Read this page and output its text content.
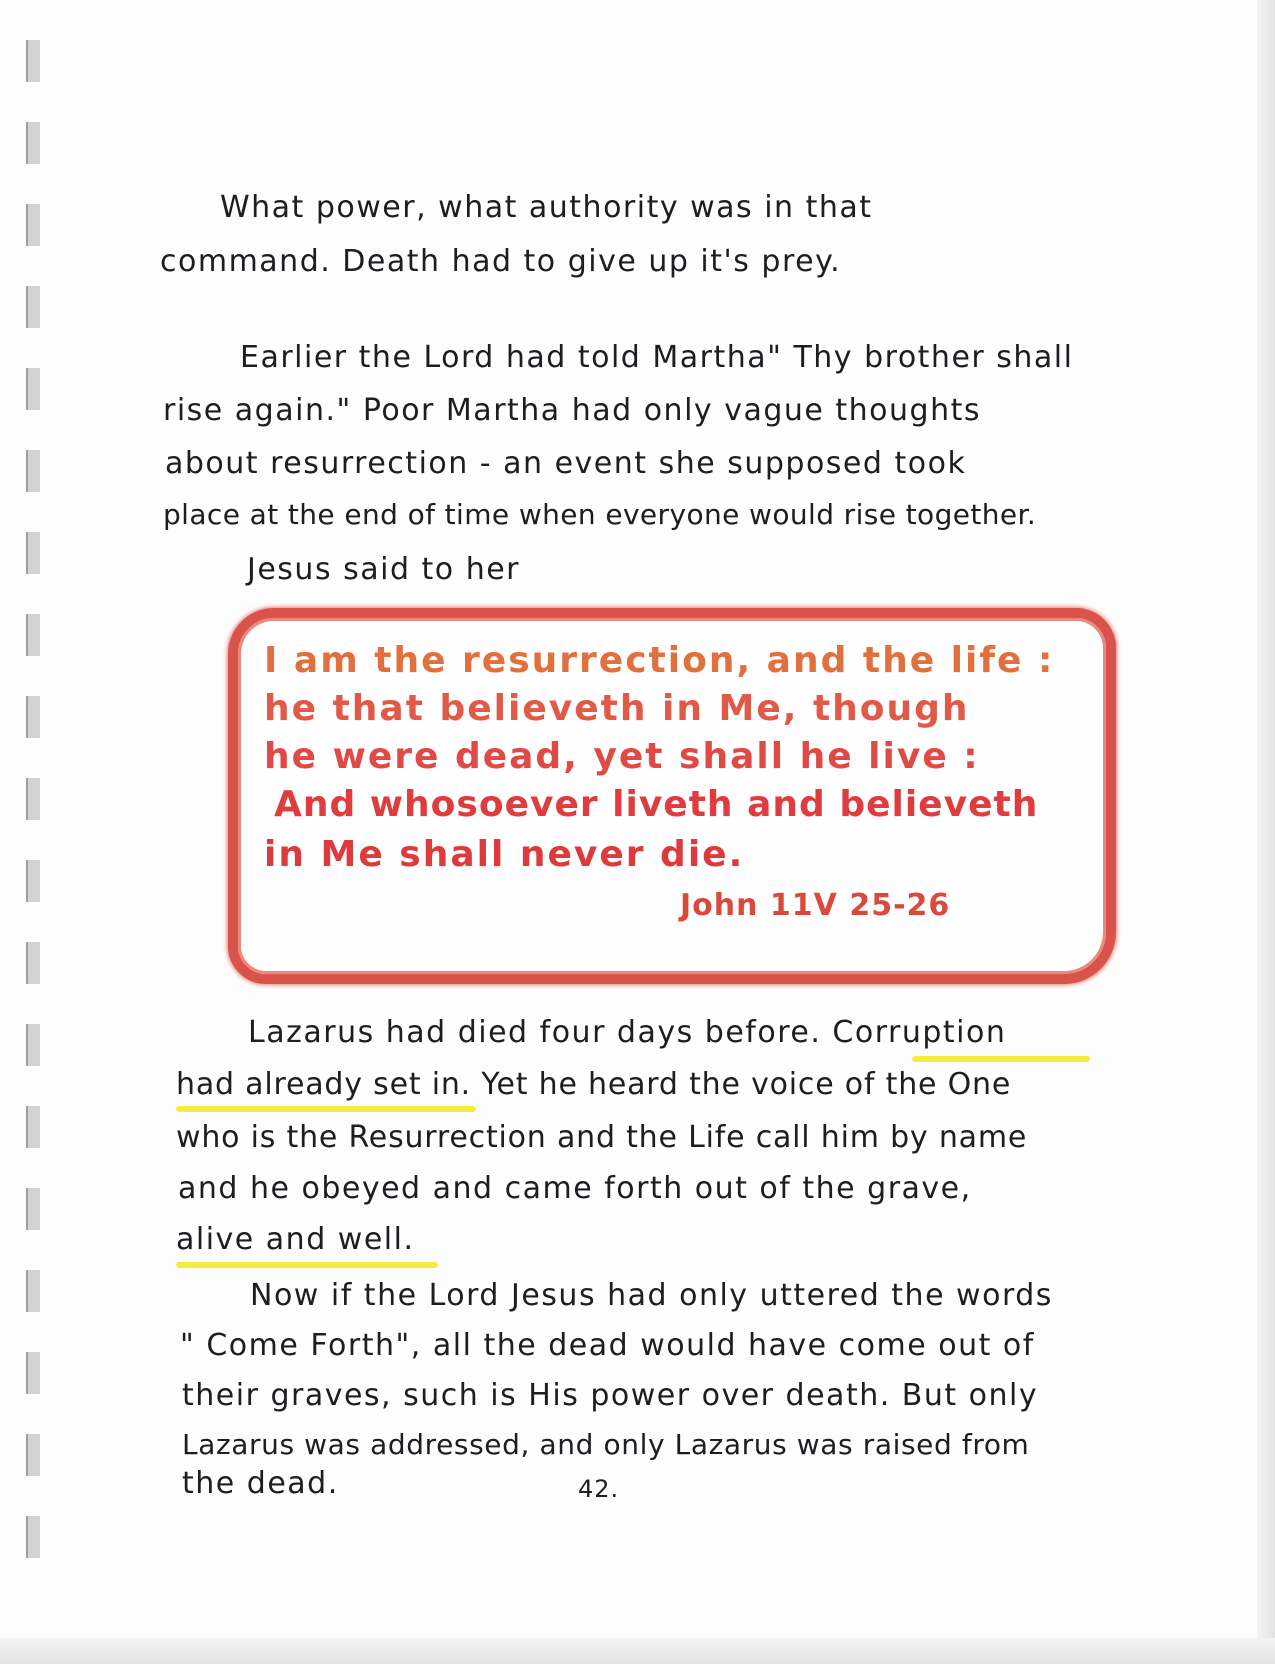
What power, what authority was in that
command. Death had to give up it's prey.
Earlier the Lord had told Martha" Thy brother shall
rise again." Poor Martha had only vague thoughts
about resurrection - an event she supposed took
place at the end of time when everyone would rise together.
Jesus said to her
I am the resurrection, and the life :
he that believeth in Me, though
he were dead, yet shall he live :
And whosoever liveth and believeth
in Me shall never die.
John 11V 25-26
Lazarus had died four days before. Corruption
had already set in. Yet he heard the voice of the One
who is the Resurrection and the Life call him by name
and he obeyed and came forth out of the grave,
alive and well.
Now if the Lord Jesus had only uttered the words
" Come Forth", all the dead would have come out of
their graves, such is His power over death. But only
Lazarus was addressed, and only Lazarus was raised from
the dead.	42.
